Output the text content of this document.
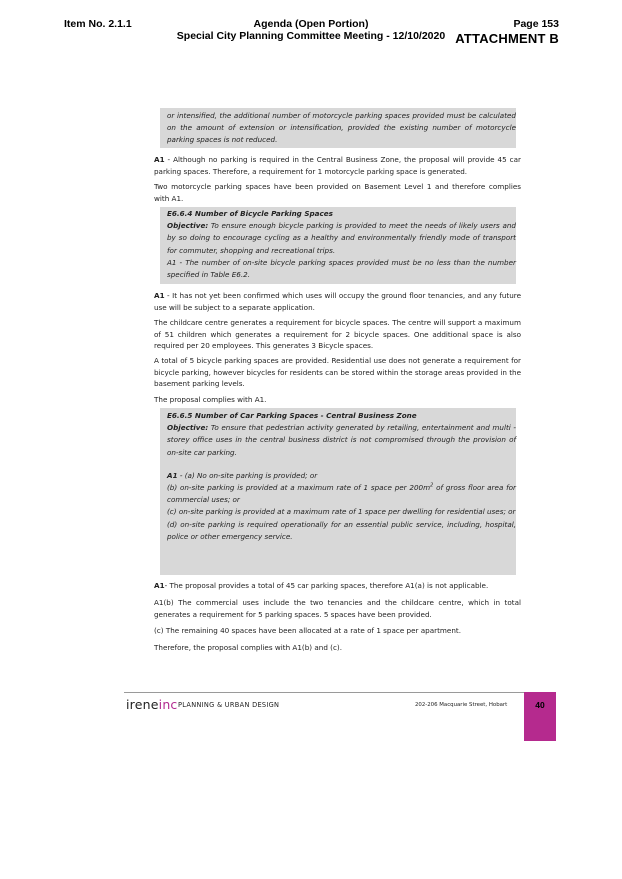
Item No. 2.1.1	Agenda (Open Portion)
Special City Planning Committee Meeting - 12/10/2020
Page 153
ATTACHMENT B

or intensified, the additional number of motorcycle parking spaces provided must be calculated on the amount of extension or intensification, provided the existing number of motorcycle parking spaces is not reduced.

A1 - Although no parking is required in the Central Business Zone, the proposal will provide 45 car parking spaces. Therefore, a requirement for 1 motorcycle parking space is generated.

Two motorcycle parking spaces have been provided on Basement Level 1 and therefore complies with A1.

E6.6.4 Number of Bicycle Parking Spaces

Objective: To ensure enough bicycle parking is provided to meet the needs of likely users and by so doing to encourage cycling as a healthy and environmentally friendly mode of transport for commuter, shopping and recreational trips.

A1 - The number of on-site bicycle parking spaces provided must be no less than the number specified in Table E6.2.

A1 - It has not yet been confirmed which uses will occupy the ground floor tenancies, and any future use will be subject to a separate application.

The childcare centre generates a requirement for bicycle spaces. The centre will support a maximum of 51 children which generates a requirement for 2 bicycle spaces. One additional space is also required per 20 employees. This generates 3 Bicycle spaces.

A total of 5 bicycle parking spaces are provided. Residential use does not generate a requirement for bicycle parking, however bicycles for residents can be stored within the storage areas provided in the basement parking levels.

The proposal complies with A1.

E6.6.5 Number of Car Parking Spaces - Central Business Zone

Objective: To ensure that pedestrian activity generated by retailing, entertainment and multi -storey office uses in the central business district is not compromised through the provision of on-site car parking.

A1 - (a) No on-site parking is provided; or

(b) on-site parking is provided at a maximum rate of 1 space per $200m^2$ of gross floor area for commercial uses; or

(c) on-site parking is provided at a maximum rate of 1 space per dwelling for residential uses; or

(d) on-site parking is required operationally for an essential public service, including, hospital, police or other emergency service.

A1- The proposal provides a total of 45 car parking spaces, therefore A1(a) is not applicable.

A1(b) The commercial uses include the two tenancies and the childcare centre, which in total generates a requirement for 5 parking spaces. 5 spaces have been provided.

(c) The remaining 40 spaces have been allocated at a rate of 1 space per apartment.

Therefore, the proposal complies with A1(b) and (c).

ireneinc PLANNING & URBAN DESIGN	202-206 Macquarie Street, Hobart	40
